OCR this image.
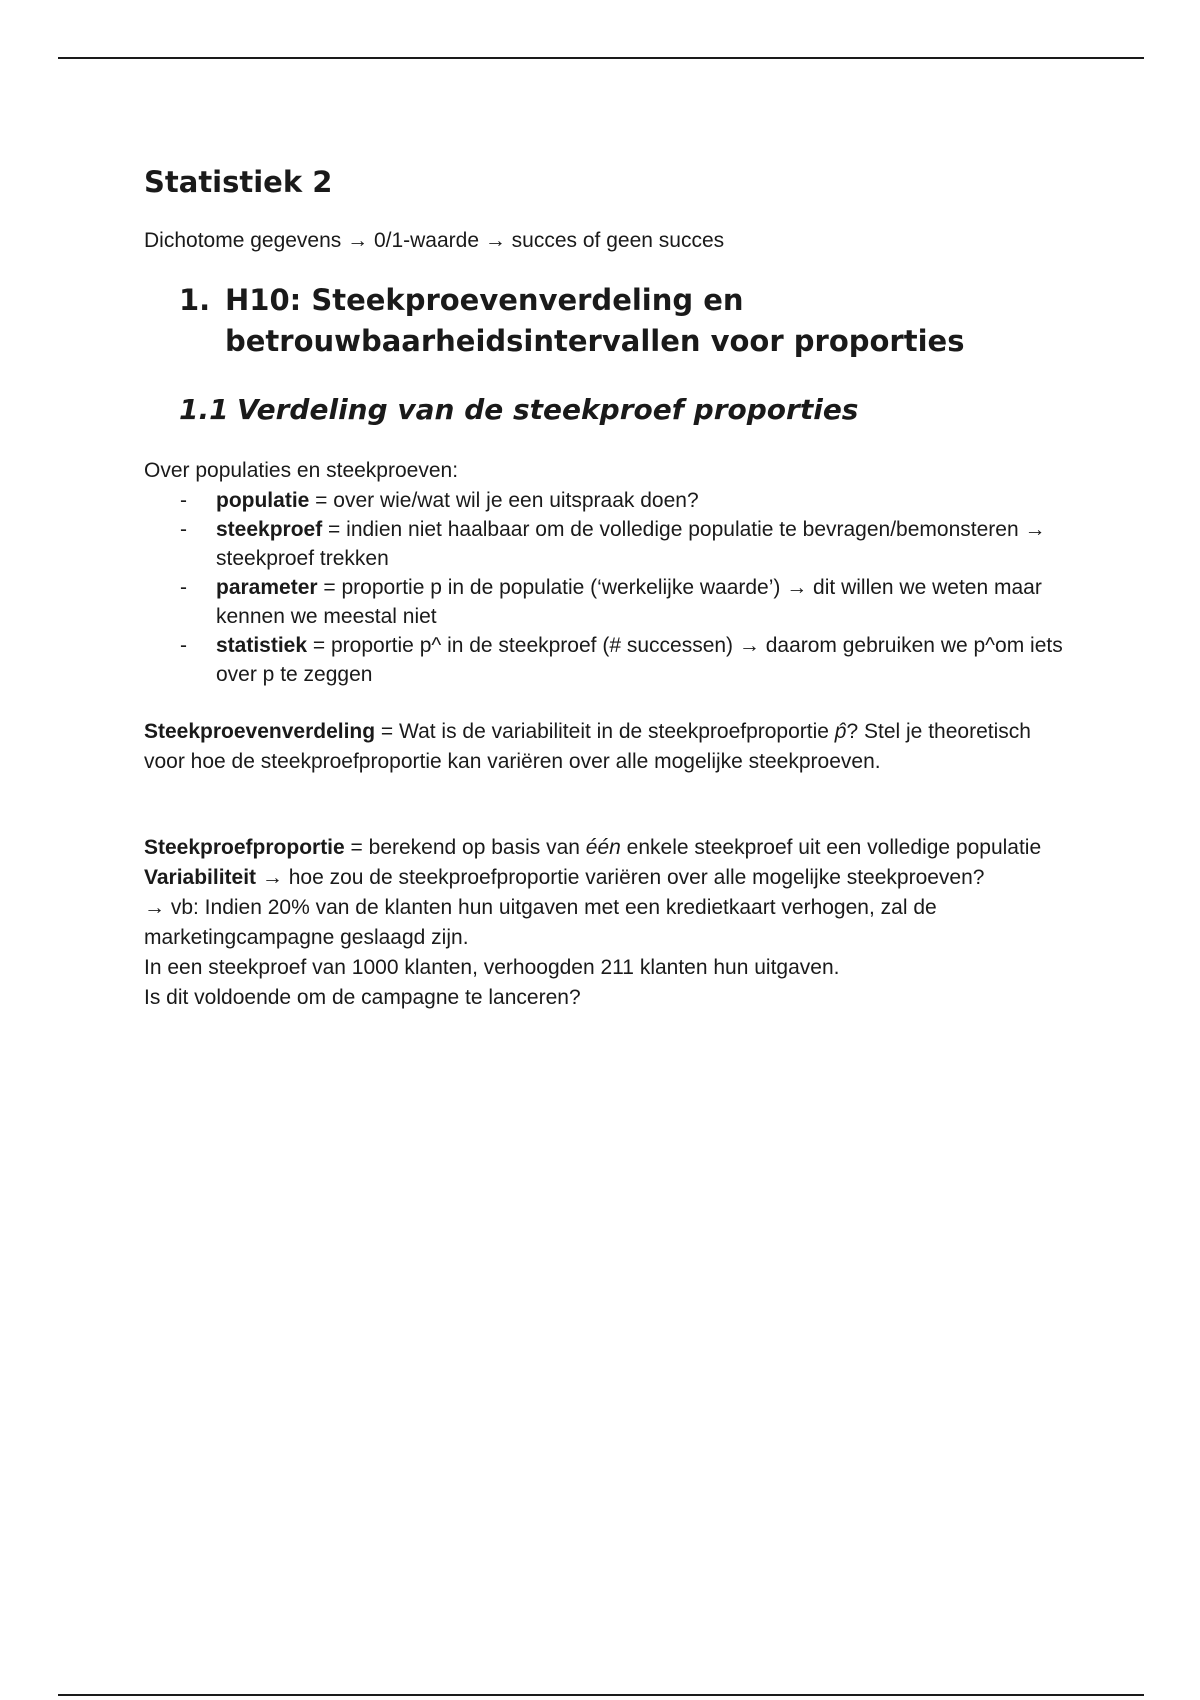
Statistiek 2

Dichotome gegevens → 0/1-waarde → succes of geen succes

1. H10: Steekproevenverdeling en betrouwbaarheidsintervallen voor proporties
1.1 Verdeling van de steekproef proporties

Over populaties en steekproeven:

- populatie = over wie/wat wil je een uitspraak doen?
- steekproef = indien niet haalbaar om de volledige populatie te bevragen/bemonsteren → steekproef trekken
- parameter = proportie p in de populatie (‘werkelijke waarde’) → dit willen we weten maar kennen we meestal niet
- statistiek = proportie p^ in de steekproef (# successen) → daarom gebruiken we p^om iets over p te zeggen

Steekproevenverdeling = Wat is de variabiliteit in de steekproefproportie p̂? Stel je theoretisch voor hoe de steekproefproportie kan variëren over alle mogelijke steekproeven.

Steekproefproportie = berekend op basis van één enkele steekproef uit een volledige populatie

Variabiliteit → hoe zou de steekproefproportie variëren over alle mogelijke steekproeven?

→ vb: Indien 20% van de klanten hun uitgaven met een kredietkaart verhogen, zal de marketingcampagne geslaagd zijn.

In een steekproef van 1000 klanten, verhoogden 211 klanten hun uitgaven.

Is dit voldoende om de campagne te lanceren?
